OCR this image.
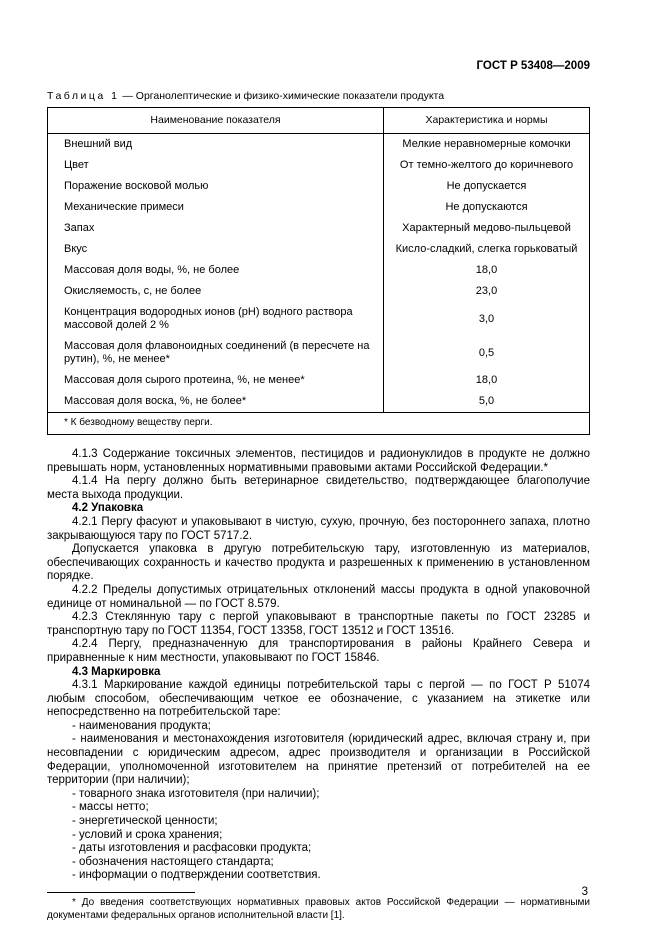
ГОСТ Р 53408—2009
Таблица 1 — Органолептические и физико-химические показатели продукта
Наименование показателя	Характеристика и нормы
Внешний вид	Мелкие неравномерные комочки
Цвет	От темно-желтого до коричневого
Поражение восковой молью	Не допускается
Механические примеси	Не допускаются
Запах	Характерный медово-пыльцевой
Вкус	Кисло-сладкий, слегка горьковатый
Массовая доля воды, %, не более	18,0
Окисляемость, с, не более	23,0
Концентрация водородных ионов (pH) водного раствора массовой долей 2 %	3,0
Массовая доля флавоноидных соединений (в пересчете на рутин), %, не менее*	0,5
Массовая доля сырого протеина, %, не менее*	18,0
Массовая доля воска, %, не более*	5,0
* К безводному веществу перги.	

4.1.3 Содержание токсичных элементов, пестицидов и радионуклидов в продукте не должно превышать норм, установленных нормативными правовыми актами Российской Федерации.*

4.1.4 На пергу должно быть ветеринарное свидетельство, подтверждающее благополучие места выхода продукции.

4.2 Упаковка

4.2.1 Пергу фасуют и упаковывают в чистую, сухую, прочную, без постороннего запаха, плотно закрывающуюся тару по ГОСТ 5717.2.

Допускается упаковка в другую потребительскую тару, изготовленную из материалов, обеспечивающих сохранность и качество продукта и разрешенных к применению в установленном порядке.

4.2.2 Пределы допустимых отрицательных отклонений массы продукта в одной упаковочной единице от номинальной — по ГОСТ 8.579.

4.2.3 Стеклянную тару с пергой упаковывают в транспортные пакеты по ГОСТ 23285 и транспортную тару по ГОСТ 11354, ГОСТ 13358, ГОСТ 13512 и ГОСТ 13516.

4.2.4 Пергу, предназначенную для транспортирования в районы Крайнего Севера и приравненные к ним местности, упаковывают по ГОСТ 15846.

4.3 Маркировка

4.3.1 Маркирование каждой единицы потребительской тары с пергой — по ГОСТ Р 51074 любым способом, обеспечивающим четкое ее обозначение, с указанием на этикетке или непосредственно на потребительской таре:

- наименования продукта;

- наименования и местонахождения изготовителя (юридический адрес, включая страну и, при несовпадении с юридическим адресом, адрес производителя и организации в Российской Федерации, уполномоченной изготовителем на принятие претензий от потребителей на ее территории (при наличии);

- товарного знака изготовителя (при наличии);

- массы нетто;

- энергетической ценности;

- условий и срока хранения;

- даты изготовления и расфасовки продукта;

- обозначения настоящего стандарта;

- информации о подтверждении соответствия.

* До введения соответствующих нормативных правовых актов Российской Федерации — нормативными документами федеральных органов исполнительной власти [1].

3
